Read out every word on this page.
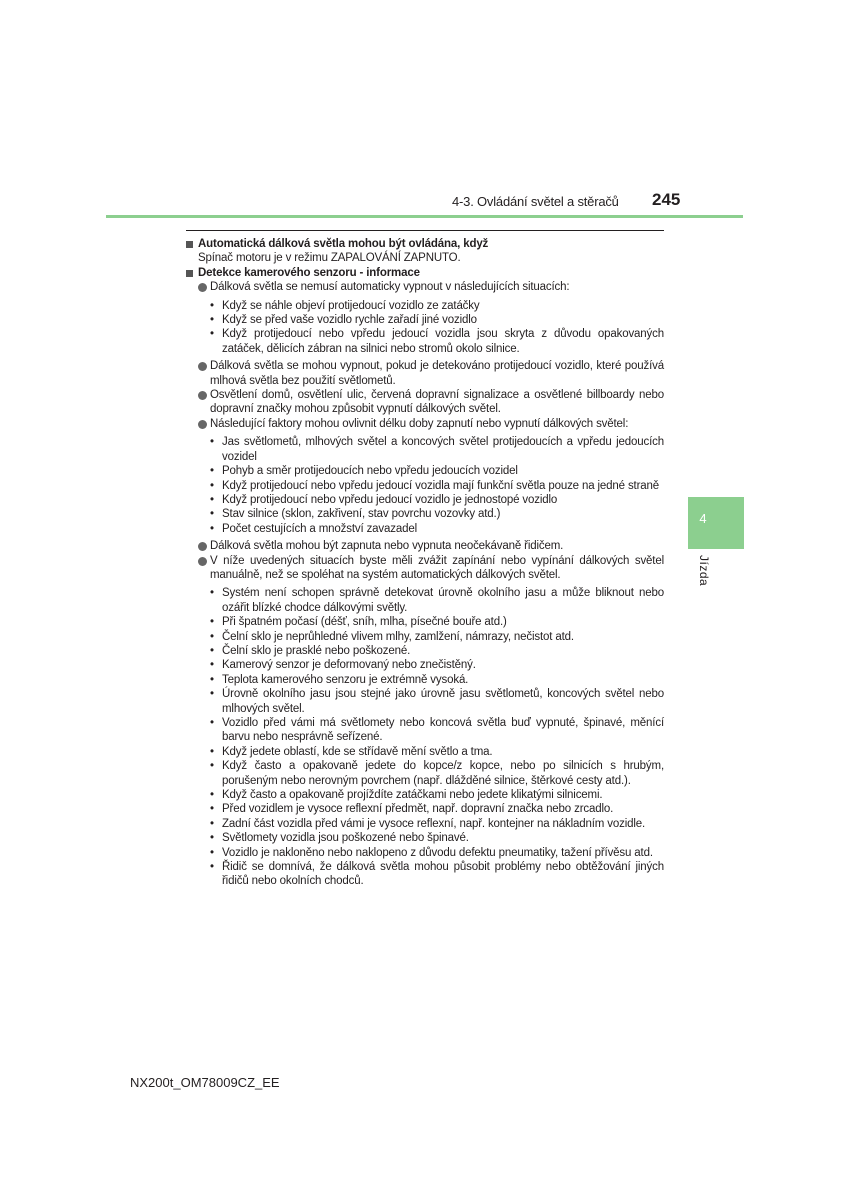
4-3. Ovládání světel a stěračů 245
4
Jízda

Automatická dálková světla mohou být ovládána, když

Spínač motoru je v režimu ZAPALOVÁNÍ ZAPNUTO.

Detekce kamerového senzoru - informace

Dálková světla se nemusí automaticky vypnout v následujících situacích:

• Když se náhle objeví protijedoucí vozidlo ze zatáčky
• Když se před vaše vozidlo rychle zařadí jiné vozidlo
• Když protijedoucí nebo vpředu jedoucí vozidla jsou skryta z důvodu opakovaných zatáček, dělicích zábran na silnici nebo stromů okolo silnice.

Dálková světla se mohou vypnout, pokud je detekováno protijedoucí vozidlo, které používá mlhová světla bez použití světlometů.

Osvětlení domů, osvětlení ulic, červená dopravní signalizace a osvětlené billboardy nebo dopravní značky mohou způsobit vypnutí dálkových světel.

Následující faktory mohou ovlivnit délku doby zapnutí nebo vypnutí dálkových světel:

• Jas světlometů, mlhových světel a koncových světel protijedoucích a vpředu jedoucích vozidel
• Pohyb a směr protijedoucích nebo vpředu jedoucích vozidel
• Když protijedoucí nebo vpředu jedoucí vozidla mají funkční světla pouze na jedné straně
• Když protijedoucí nebo vpředu jedoucí vozidlo je jednostopé vozidlo
• Stav silnice (sklon, zakřivení, stav povrchu vozovky atd.)
• Počet cestujících a množství zavazadel

Dálková světla mohou být zapnuta nebo vypnuta neočekávaně řidičem.

V níže uvedených situacích byste měli zvážit zapínání nebo vypínání dálkových světel manuálně, než se spoléhat na systém automatických dálkových světel.

• Systém není schopen správně detekovat úrovně okolního jasu a může bliknout nebo ozářit blízké chodce dálkovými světly.
• Při špatném počasí (déšť, sníh, mlha, písečné bouře atd.)
• Čelní sklo je neprůhledné vlivem mlhy, zamlžení, námrazy, nečistot atd.
• Čelní sklo je prasklé nebo poškozené.
• Kamerový senzor je deformovaný nebo znečistěný.
• Teplota kamerového senzoru je extrémně vysoká.
• Úrovně okolního jasu jsou stejné jako úrovně jasu světlometů, koncových světel nebo mlhových světel.
• Vozidlo před vámi má světlomety nebo koncová světla buď vypnuté, špinavé, měnící barvu nebo nesprávně seřízené.
• Když jedete oblastí, kde se střídavě mění světlo a tma.
• Když často a opakovaně jedete do kopce/z kopce, nebo po silnicích s hrubým, porušeným nebo nerovným povrchem (např. dlážděné silnice, štěrkové cesty atd.).
• Když často a opakovaně projíždíte zatáčkami nebo jedete klikatými silnicemi.
• Před vozidlem je vysoce reflexní předmět, např. dopravní značka nebo zrcadlo.
• Zadní část vozidla před vámi je vysoce reflexní, např. kontejner na nákladním vozidle.
• Světlomety vozidla jsou poškozené nebo špinavé.
• Vozidlo je nakloněno nebo naklopeno z důvodu defektu pneumatiky, tažení přívěsu atd.
• Řidič se domnívá, že dálková světla mohou působit problémy nebo obtěžování jiných řidičů nebo okolních chodců.
NX200t_OM78009CZ_EE
